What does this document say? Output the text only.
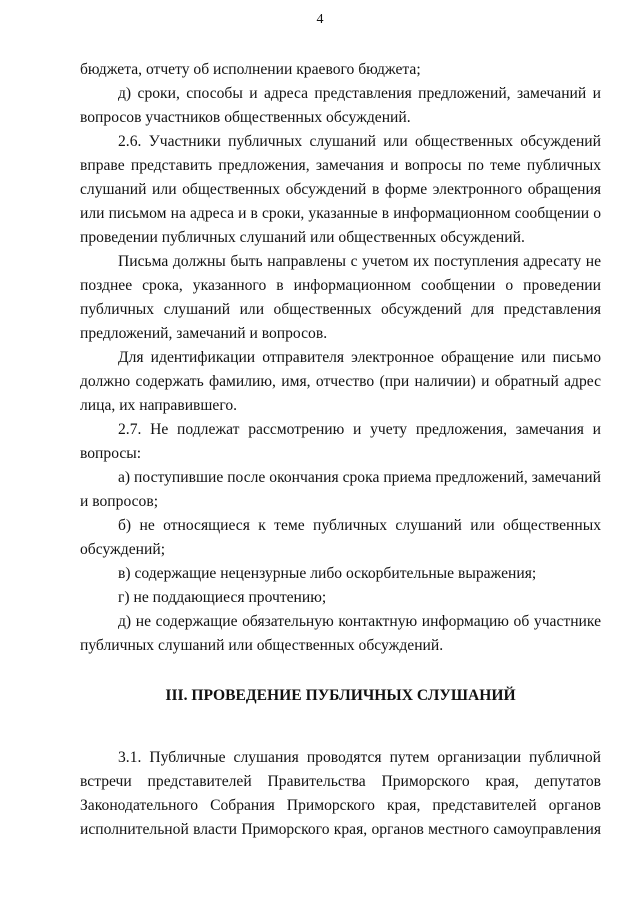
4

бюджета, отчету об исполнении краевого бюджета;

д) сроки, способы и адреса представления предложений, замечаний и вопросов участников общественных обсуждений.

2.6. Участники публичных слушаний или общественных обсуждений вправе представить предложения, замечания и вопросы по теме публичных слушаний или общественных обсуждений в форме электронного обращения или письмом на адреса и в сроки, указанные в информационном сообщении о проведении публичных слушаний или общественных обсуждений.

Письма должны быть направлены с учетом их поступления адресату не позднее срока, указанного в информационном сообщении о проведении публичных слушаний или общественных обсуждений для представления предложений, замечаний и вопросов.

Для идентификации отправителя электронное обращение или письмо должно содержать фамилию, имя, отчество (при наличии) и обратный адрес лица, их направившего.

2.7. Не подлежат рассмотрению и учету предложения, замечания и вопросы:

а) поступившие после окончания срока приема предложений, замечаний и вопросов;

б) не относящиеся к теме публичных слушаний или общественных обсуждений;

в) содержащие нецензурные либо оскорбительные выражения;

г) не поддающиеся прочтению;

д) не содержащие обязательную контактную информацию об участнике публичных слушаний или общественных обсуждений.

III. ПРОВЕДЕНИЕ ПУБЛИЧНЫХ СЛУШАНИЙ

3.1. Публичные слушания проводятся путем организации публичной встречи представителей Правительства Приморского края, депутатов Законодательного Собрания Приморского края, представителей органов исполнительной власти Приморского края, органов местного самоуправления
